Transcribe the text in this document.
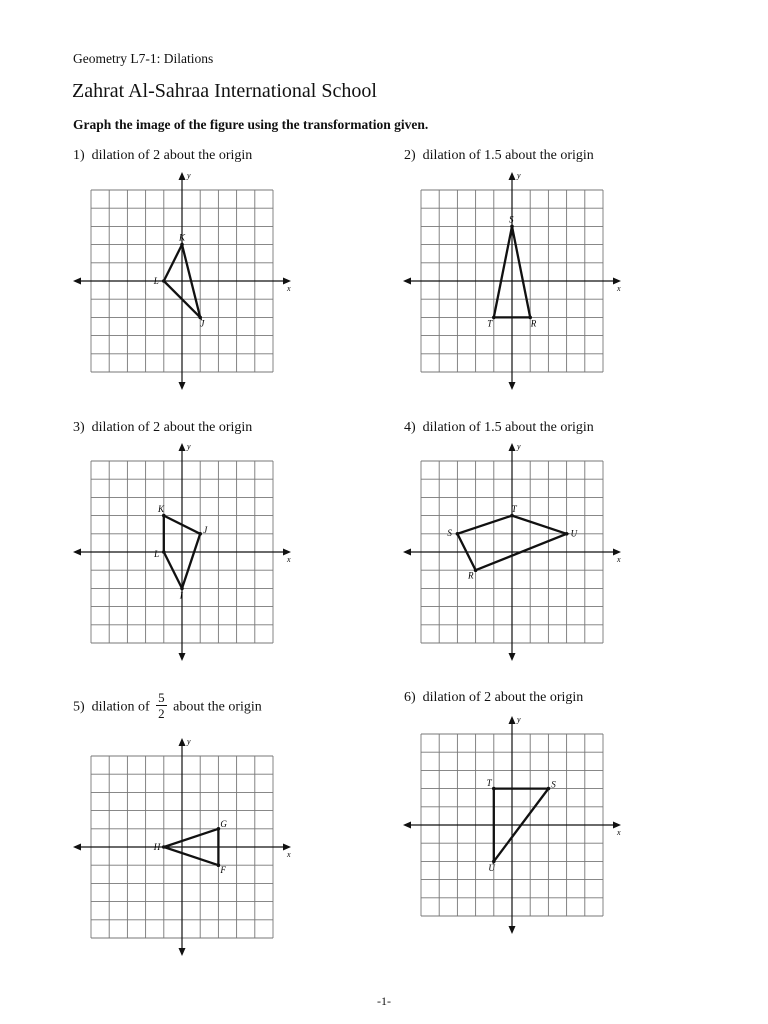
Geometry L7-1: Dilations
Zahrat Al-Sahraa International School
Graph the image of the figure using the transformation given.
1) dilation of 2 about the origin	2) dilation of 1.5 about the origin
3) dilation of 2 about the origin	4) dilation of 1.5 about the origin
5) dilation of $\frac{5}{2}$ about the origin
6) dilation of 2 about the origin
x
y
K
L
J
x
y
S
R
T
x
y
K
J
I
L
x
y
T
U
R
S
x
y
G
F
H
x
y
T	S
U
-1-
